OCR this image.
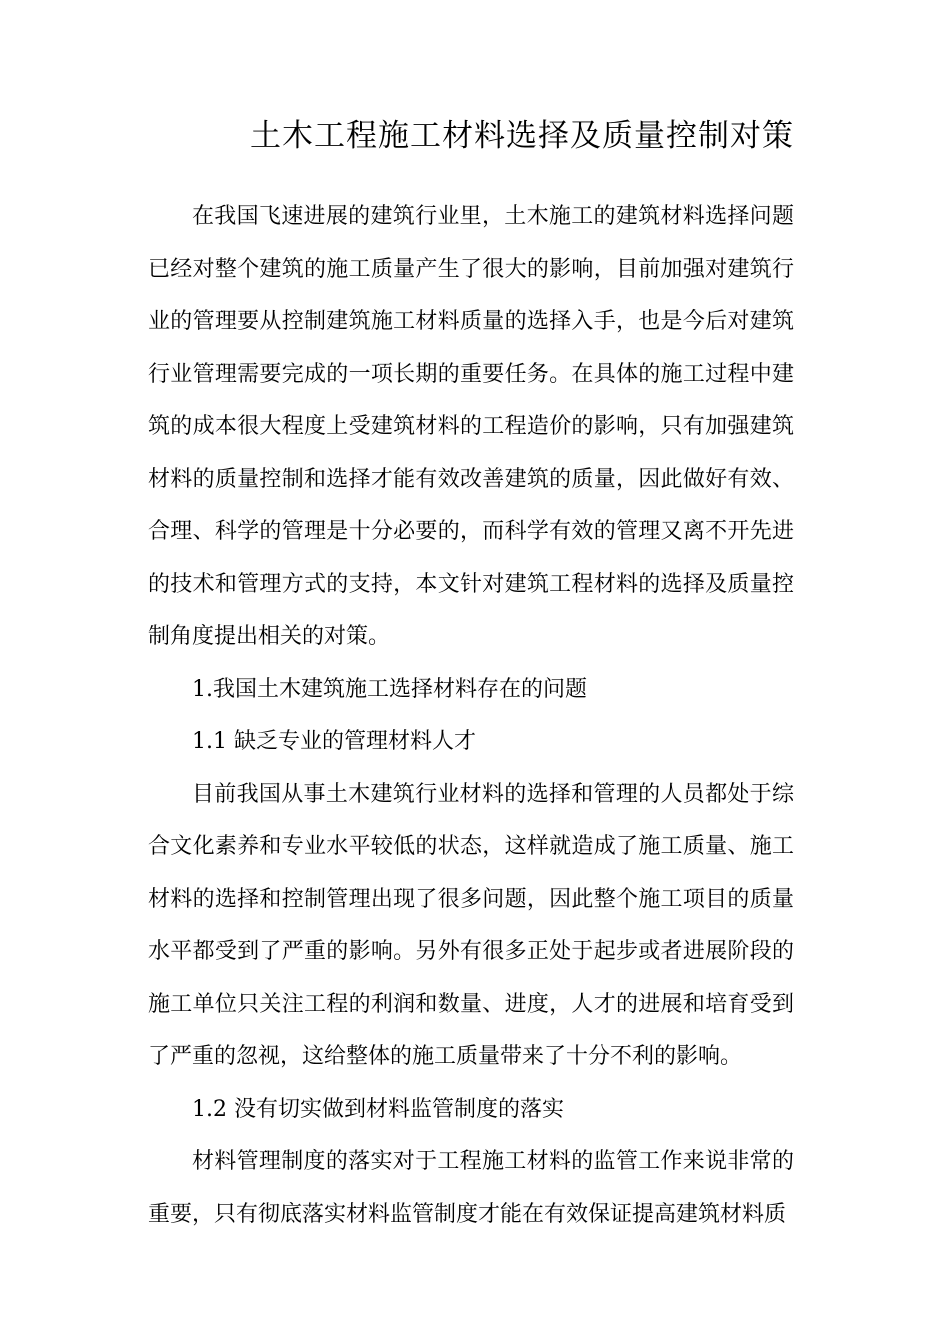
土木工程施工材料选择及质量控制对策

在我国飞速进展的建筑行业里，土木施工的建筑材料选择问题已经对整个建筑的施工质量产生了很大的影响，目前加强对建筑行业的管理要从控制建筑施工材料质量的选择入手，也是今后对建筑行业管理需要完成的一项长期的重要任务。在具体的施工过程中建筑的成本很大程度上受建筑材料的工程造价的影响，只有加强建筑材料的质量控制和选择才能有效改善建筑的质量，因此做好有效、合理、科学的管理是十分必要的，而科学有效的管理又离不开先进的技术和管理方式的支持，本文针对建筑工程材料的选择及质量控制角度提出相关的对策。

1.我国土木建筑施工选择材料存在的问题

1.1 缺乏专业的管理材料人才

目前我国从事土木建筑行业材料的选择和管理的人员都处于综合文化素养和专业水平较低的状态，这样就造成了施工质量、施工材料的选择和控制管理出现了很多问题，因此整个施工项目的质量水平都受到了严重的影响。另外有很多正处于起步或者进展阶段的施工单位只关注工程的利润和数量、进度，人才的进展和培育受到了严重的忽视，这给整体的施工质量带来了十分不利的影响。

1.2 没有切实做到材料监管制度的落实

材料管理制度的落实对于工程施工材料的监管工作来说非常的重要，只有彻底落实材料监管制度才能在有效保证提高建筑材料质
